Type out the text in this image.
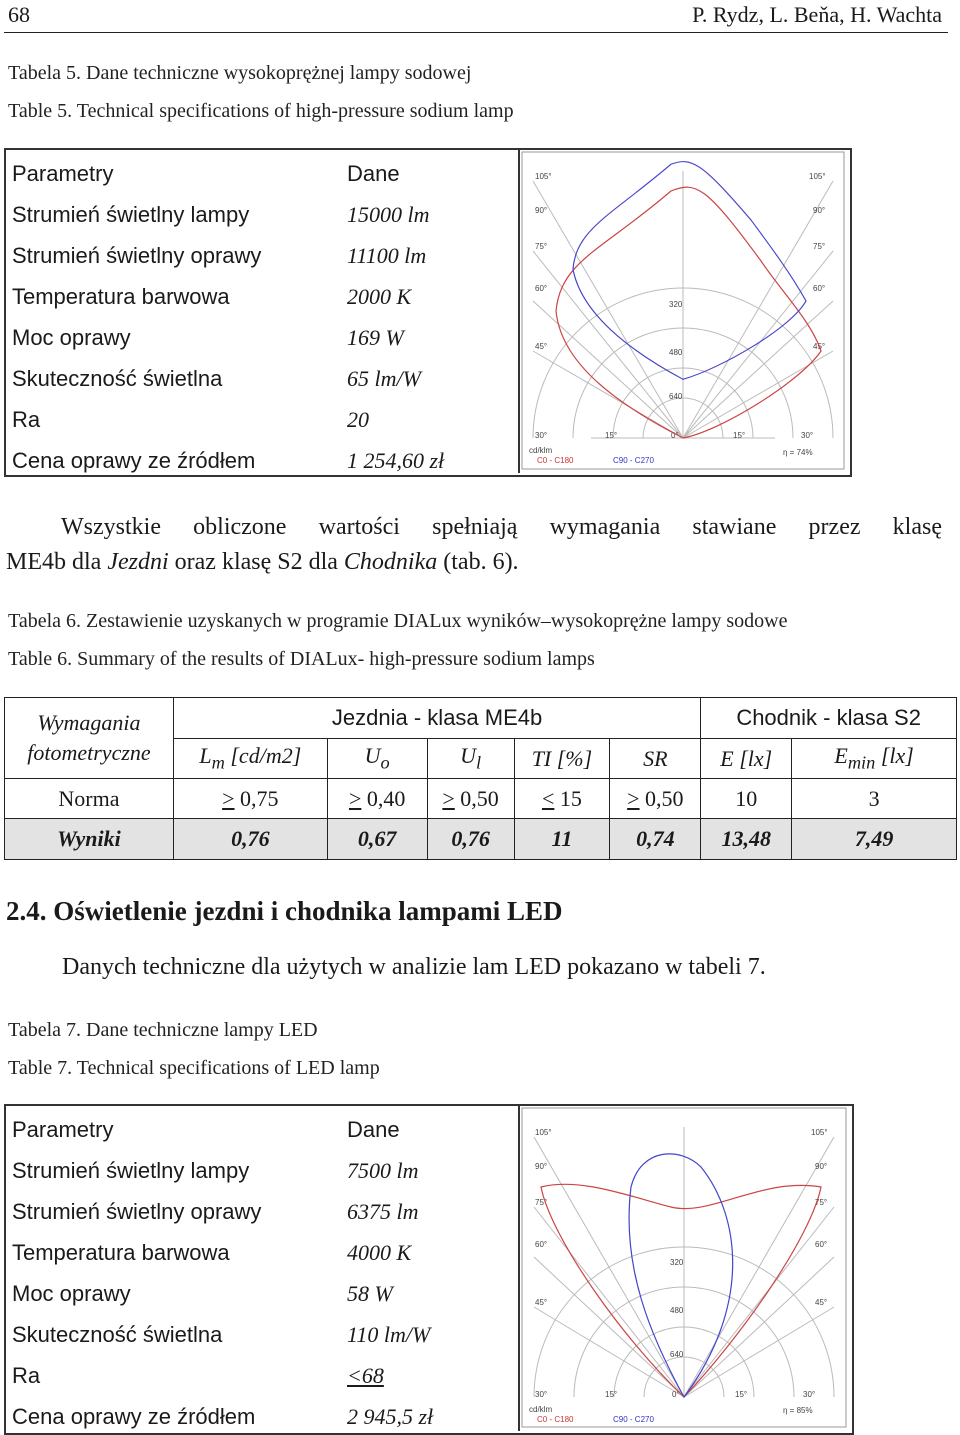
68	P. Rydz, L. Beňa, H. Wachta
Tabela 5. Dane techniczne wysokoprężnej lampy sodowej
Table 5. Technical specifications of high-pressure sodium lamp
Parametry	Dane
Strumień świetlny lampy	15000 lm
Strumień świetlny oprawy	11100 lm
Temperatura barwowa	2000 K
Moc oprawy	169 W
Skuteczność świetlna	65 lm/W
Ra	20
Cena oprawy ze źródłem	1 254,60 zł
105°	105°
90°	90°
75°	75°
60°	60°
45°	45°
30°	15°	0°	15°	30°
320
480
640
cd/klm
C0 - C180	C90 - C270
η = 74%

Wszystkie obliczone wartości spełniają wymagania stawiane przez klasę

ME4b dla Jezdni oraz klasę S2 dla Chodnika (tab. 6).

Tabela 6. Zestawienie uzyskanych w programie DIALux wyników–wysokoprężne lampy sodowe
Table 6. Summary of the results of DIALux- high-pressure sodium lamps
Wymagania fotometryczne	Jezdnia - klasa ME4b					Chodnik - klasa S2	
	$L_m$ [cd/m2]	$U_o$	$U_l$	TI [%]	SR	E [lx]	$E_{min}$ [lx]
Norma	> 0,75	> 0,40	> 0,50	< 15	> 0,50	10	3
Wyniki	0,76	0,67	0,76	11	0,74	13,48	7,49
2.4. Oświetlenie jezdni i chodnika lampami LED
Danych techniczne dla użytych w analizie lam LED pokazano w tabeli 7.
Tabela 7. Dane techniczne lampy LED
Table 7. Technical specifications of LED lamp
Parametry	Dane
Strumień świetlny lampy	7500 lm
Strumień świetlny oprawy	6375 lm
Temperatura barwowa	4000 K
Moc oprawy	58 W
Skuteczność świetlna	110 lm/W
Ra	<68
Cena oprawy ze źródłem	2 945,5 zł
105°	105°
90°	90°
75°	75°
60°	60°
45°	45°
30°	15°	0°	15°	30°
320
480
640
cd/klm
C0 - C180	C90 - C270
η = 85%
